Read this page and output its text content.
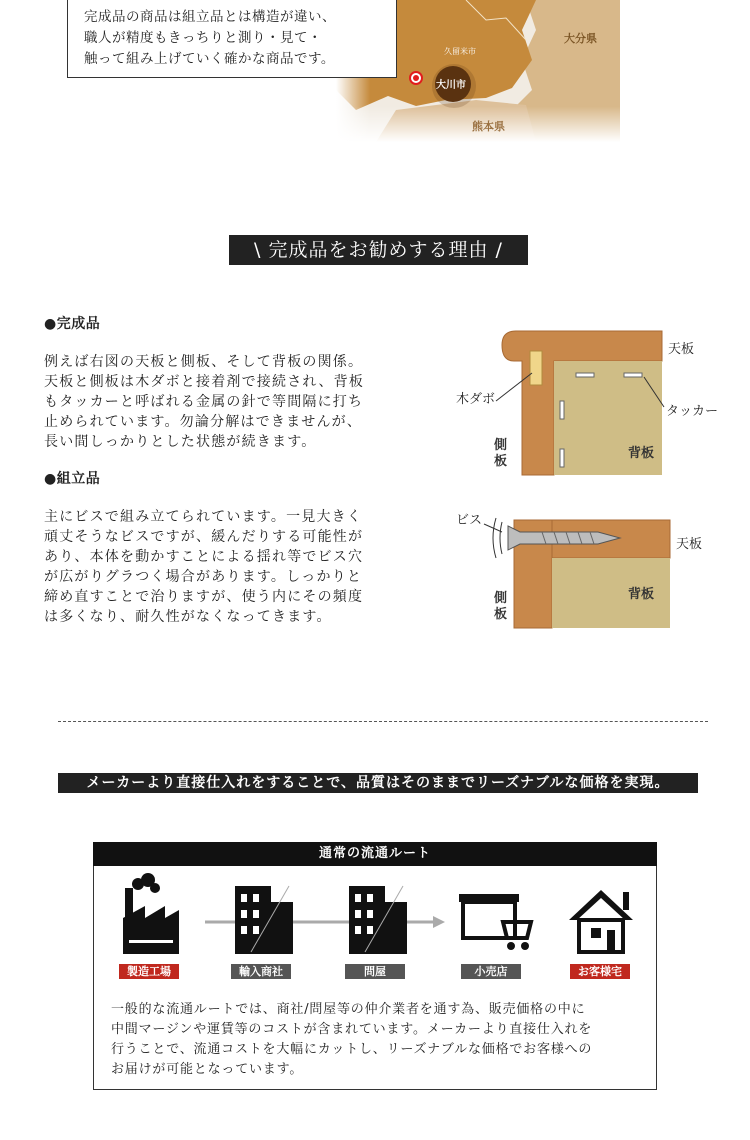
久留米市
大川市
大分県
熊本県
完成品の商品は組立品とは構造が違い、
職人が精度もきっちりと測り・見て・
触って組み上げていく確かな商品です。
\ 完成品をお勧めする理由 /
●完成品
例えば右図の天板と側板、そして背板の関係。
天板と側板は木ダボと接着剤で接続され、背板
もタッカーと呼ばれる金属の針で等間隔に打ち
止められています。勿論分解はできませんが、
長い間しっかりとした状態が続きます。
●組立品
主にビスで組み立てられています。一見大きく
頑丈そうなビスですが、緩んだりする可能性が
あり、本体を動かすことによる揺れ等でビス穴
が広がりグラつく場合があります。しっかりと
締め直すことで治りますが、使う内にその頻度
は多くなり、耐久性がなくなってきます。
天板
木ダボ
タッカー
側
板
背板
ビス
天板
側
板
背板
メーカーより直接仕入れをすることで、品質はそのままでリーズナブルな価格を実現。
通常の流通ルート
製造工場	輸入商社	問屋	小売店	お客様宅
一般的な流通ルートでは、商社/問屋等の仲介業者を通す為、販売価格の中に
中間マージンや運賃等のコストが含まれています。メーカーより直接仕入れを
行うことで、流通コストを大幅にカットし、リーズナブルな価格でお客様への
お届けが可能となっています。
